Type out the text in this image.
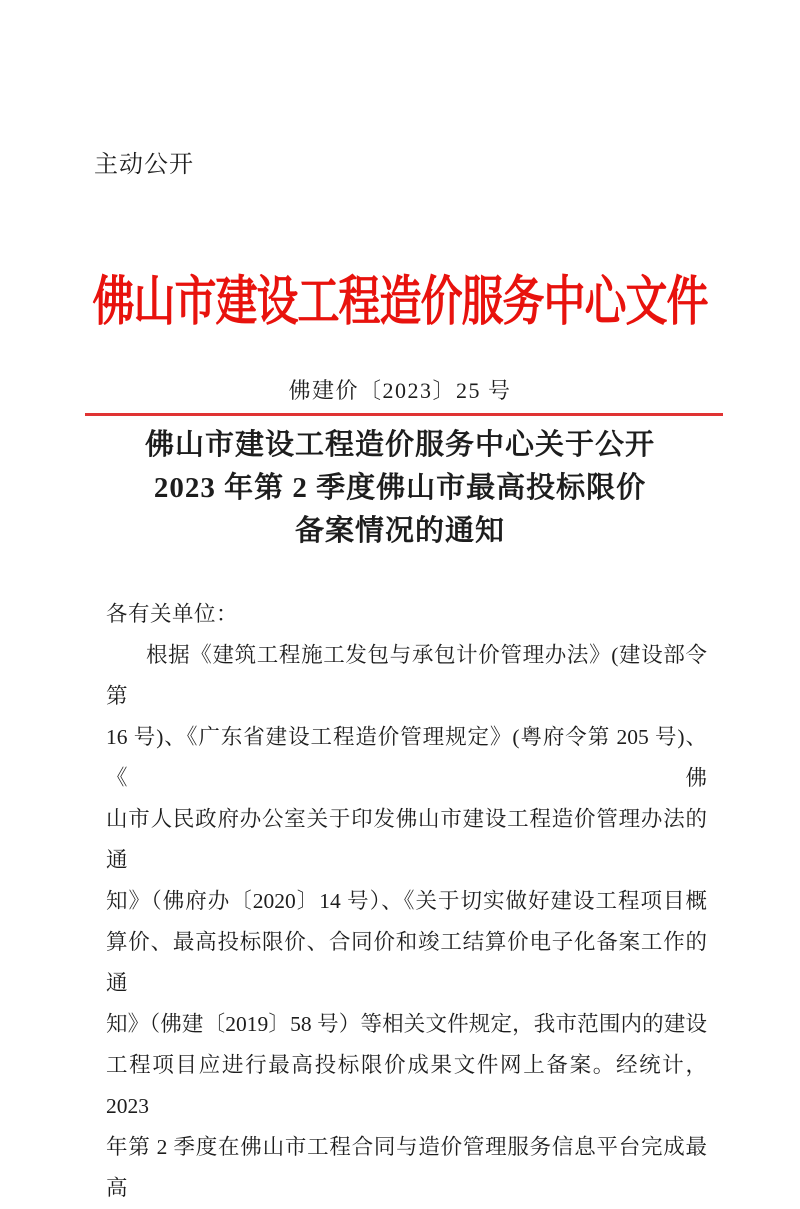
主动公开
佛山市建设工程造价服务中心文件
佛建价〔2023〕25 号
佛山市建设工程造价服务中心关于公开
2023 年第 2 季度佛山市最高投标限价
备案情况的通知
各有关单位：
根据《建筑工程施工发包与承包计价管理办法》(建设部令第
16 号)、《广东省建设工程造价管理规定》(粤府令第 205 号)、《佛
山市人民政府办公室关于印发佛山市建设工程造价管理办法的通
知》（佛府办〔2020〕14 号）、《关于切实做好建设工程项目概
算价、最高投标限价、合同价和竣工结算价电子化备案工作的通
知》（佛建〔2019〕58 号）等相关文件规定，我市范围内的建设
工程项目应进行最高投标限价成果文件网上备案。经统计，2023
年第 2 季度在佛山市工程合同与造价管理服务信息平台完成最高
